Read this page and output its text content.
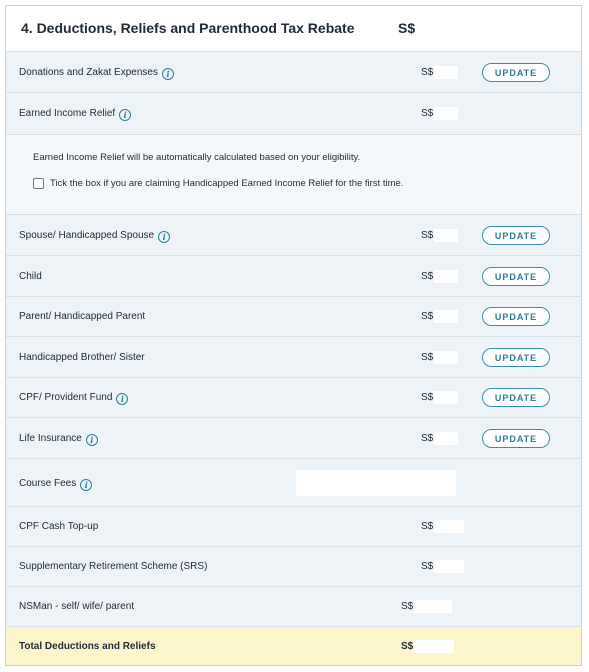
4. Deductions, Reliefs and Parenthood Tax Rebate	S$
Donations and Zakat Expenses i	S$	UPDATE
Earned Income Relief i	S$
Earned Income Relief will be automatically calculated based on your eligibility.
Tick the box if you are claiming Handicapped Earned Income Relief for the first time.
Spouse/ Handicapped Spouse i	S$	UPDATE
Child	S$	UPDATE
Parent/ Handicapped Parent	S$	UPDATE
Handicapped Brother/ Sister	S$	UPDATE
CPF/ Provident Fund i	S$	UPDATE
Life Insurance i	S$	UPDATE
Course Fees i
CPF Cash Top-up	S$
Supplementary Retirement Scheme (SRS)	S$
NSMan - self/ wife/ parent	S$
Total Deductions and Reliefs	S$
